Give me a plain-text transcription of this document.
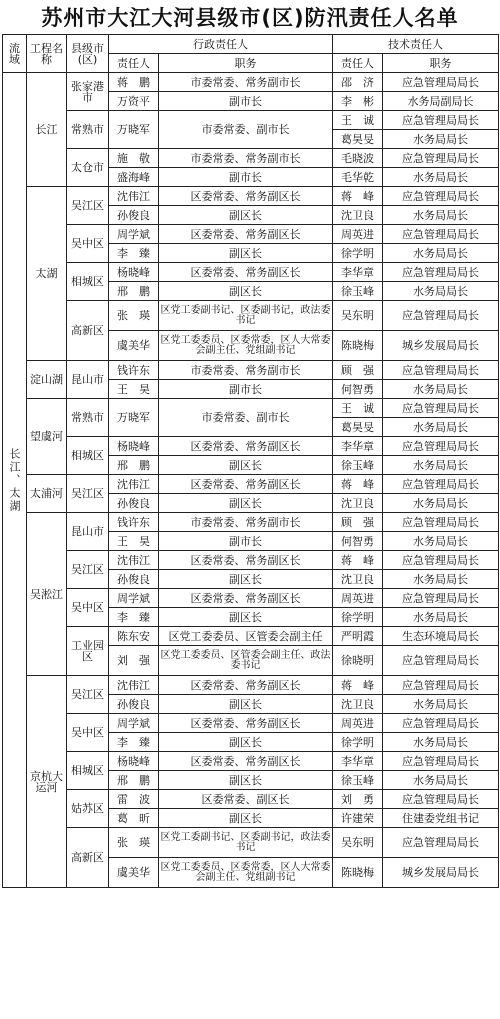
苏州市大江大河县级市(区)防汛责任人名单
流域	工程名称	县级市(区)	行政责任人		技术责任人	
			责任人	职务	责任人	职务
长江、太湖	长江	张家港市	蒋　鹏	市委常委、常务副市长	邵　济	应急管理局局长
			万资平	副市长	李　彬	水务局副局长
		常熟市	万晓军	市委常委、副市长	王　诚	应急管理局局长
					葛昊旻	水务局局长
		太仓市	施　敬	市委常委、常务副市长	毛晓波	应急管理局局长
			盛海峰	副市长	毛华乾	水务局局长
	太湖	吴江区	沈伟江	区委常委、常务副区长	蒋　峰	应急管理局局长
			孙俊良	副区长	沈卫良	水务局局长
		吴中区	周学斌	区委常委、常务副区长	周英进	应急管理局局长
			李　臻	副区长	徐学明	水务局局长
		相城区	杨晓峰	区委常委、常务副区长	李华章	应急管理局局长
			邢　鹏	副区长	徐玉峰	水务局局长
		高新区	张　瑛	区党工委副书记、区委副书记，政法委书记	吴东明	应急管理局局长
			虞美华	区党工委委员、区委常委，区人大常委会副主任、党组副书记	陈晓梅	城乡发展局局长
	淀山湖	昆山市	钱许东	市委常委、常务副市长	顾　强	应急管理局局长
			王　昊	副市长	何智勇	水务局局长
	望虞河	常熟市	万晓军	市委常委、副市长	王　诚	应急管理局局长
					葛昊旻	水务局局长
		相城区	杨晓峰	区委常委、常务副区长	李华章	应急管理局局长
			邢　鹏	副区长	徐玉峰	水务局局长
	太浦河	吴江区	沈伟江	区委常委、常务副区长	蒋　峰	应急管理局局长
			孙俊良	副区长	沈卫良	水务局局长
	吴淞江	昆山市	钱许东	市委常委、常务副市长	顾　强	应急管理局局长
			王　昊	副市长	何智勇	水务局局长
		吴江区	沈伟江	区委常委、常务副区长	蒋　峰	应急管理局局长
			孙俊良	副区长	沈卫良	水务局局长
		吴中区	周学斌	区委常委、常务副区长	周英进	应急管理局局长
			李　臻	副区长	徐学明	水务局局长
		工业园区	陈东安	区党工委委员、区管委会副主任	严明霞	生态环境局局长
			刘　强	区党工委委员、区管委会副主任、政法委书记	徐晓明	应急管理局局长
	京杭大运河	吴江区	沈伟江	区委常委、常务副区长	蒋　峰	应急管理局局长
			孙俊良	副区长	沈卫良	水务局局长
		吴中区	周学斌	区委常委、常务副区长	周英进	应急管理局局长
			李　臻	副区长	徐学明	水务局局长
		相城区	杨晓峰	区委常委、常务副区长	李华章	应急管理局局长
			邢　鹏	副区长	徐玉峰	水务局局长
		姑苏区	雷　波	区委常委、副区长	刘　勇	应急管理局局长
			葛　昕	副区长	许建荣	住建委党组书记
		高新区	张　瑛	区党工委副书记、区委副书记，政法委书记	吴东明	应急管理局局长
			虞美华	区党工委委员、区委常委，区人大常委会副主任、党组副书记	陈晓梅	城乡发展局局长
